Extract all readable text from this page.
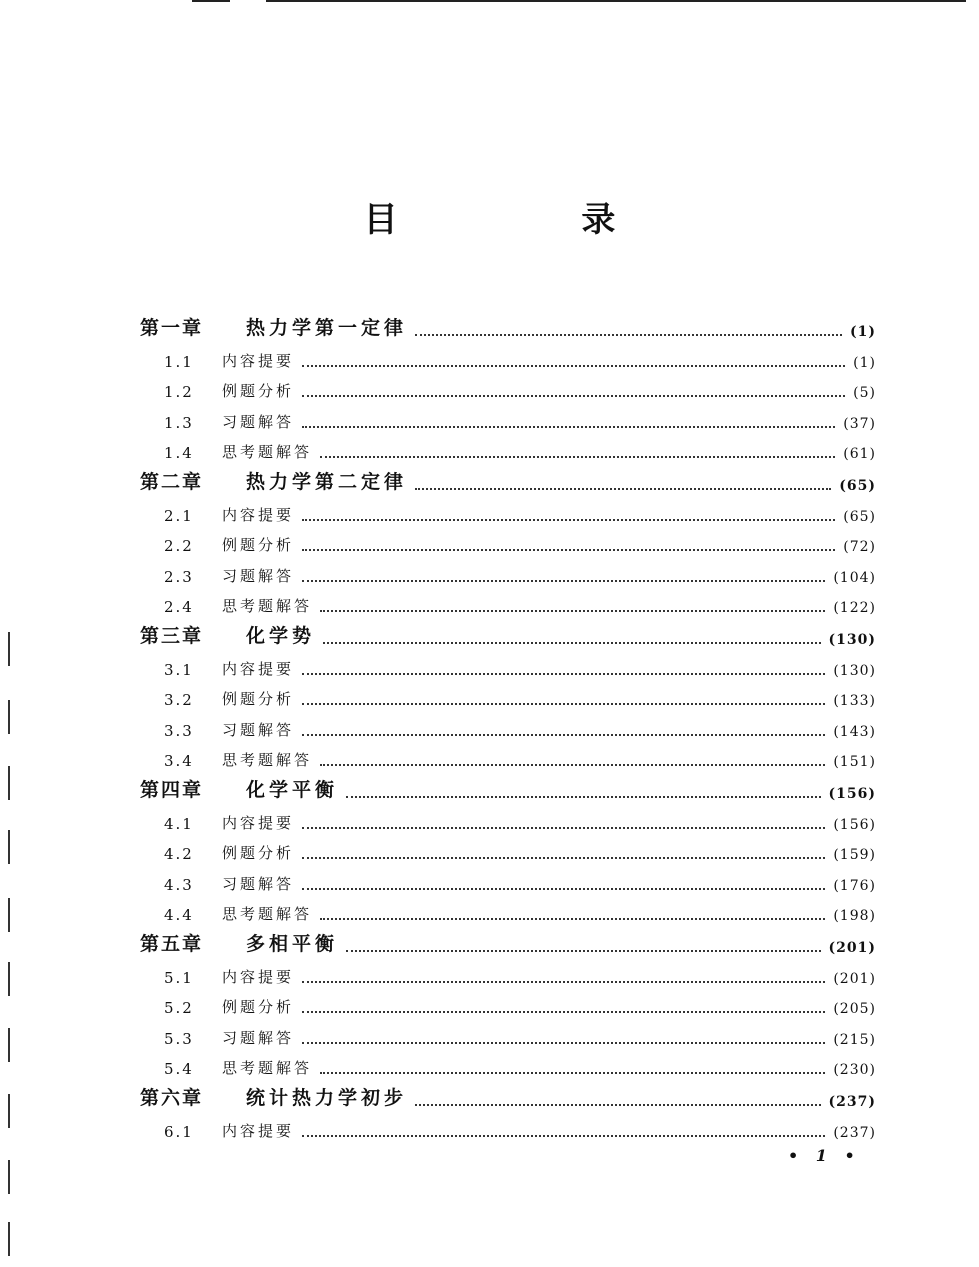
目 录
第一章	热力学第一定律	(1)
1.1	内容提要	(1)
1.2	例题分析	(5)
1.3	习题解答	(37)
1.4	思考题解答	(61)
第二章	热力学第二定律	(65)
2.1	内容提要	(65)
2.2	例题分析	(72)
2.3	习题解答	(104)
2.4	思考题解答	(122)
第三章	化学势	(130)
3.1	内容提要	(130)
3.2	例题分析	(133)
3.3	习题解答	(143)
3.4	思考题解答	(151)
第四章	化学平衡	(156)
4.1	内容提要	(156)
4.2	例题分析	(159)
4.3	习题解答	(176)
4.4	思考题解答	(198)
第五章	多相平衡	(201)
5.1	内容提要	(201)
5.2	例题分析	(205)
5.3	习题解答	(215)
5.4	思考题解答	(230)
第六章	统计热力学初步	(237)
6.1	内容提要	(237)
• 1 •
